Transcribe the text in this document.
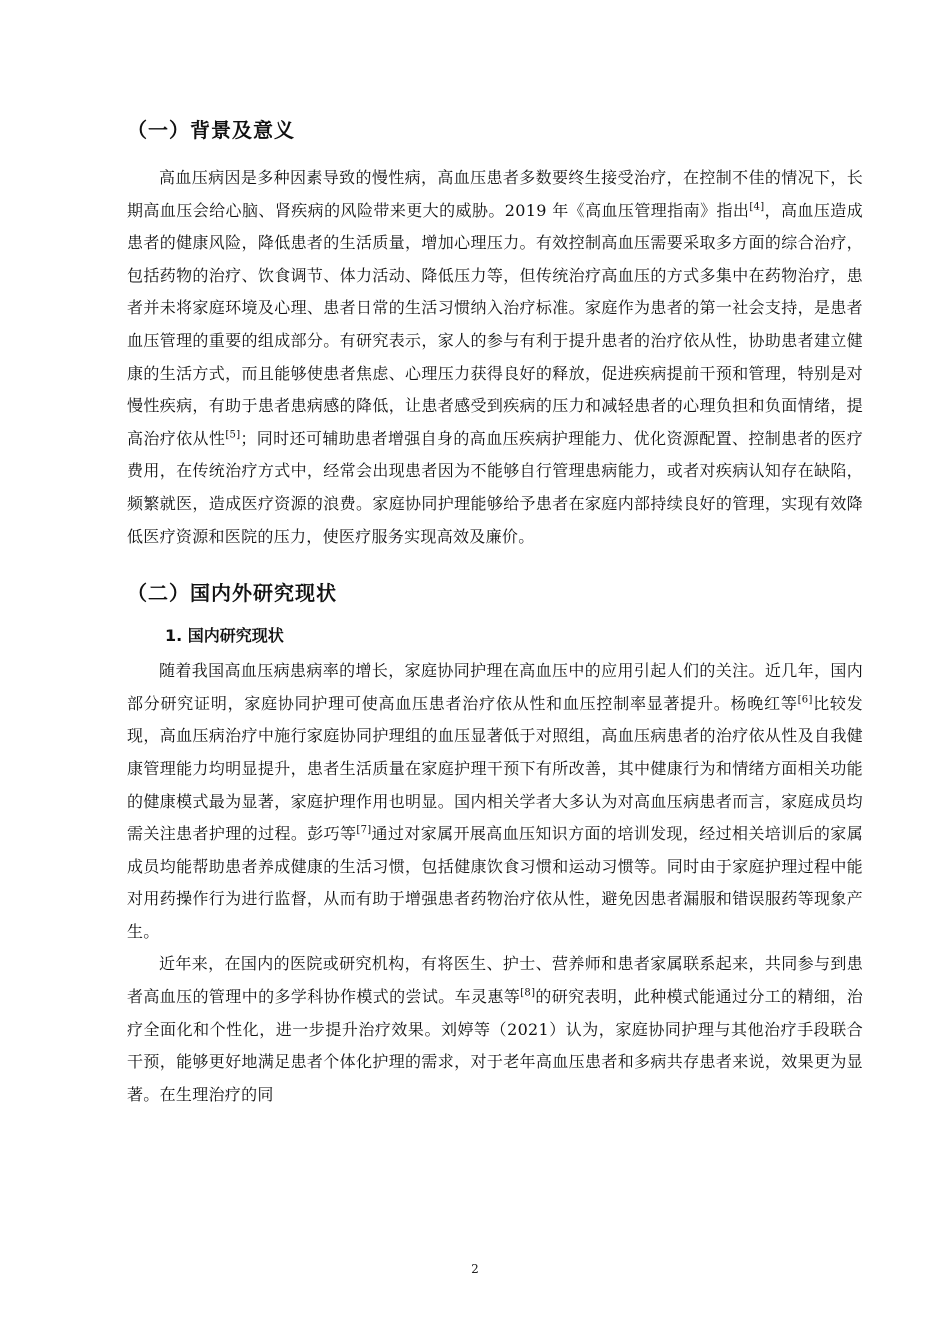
（一）背景及意义

高血压病因是多种因素导致的慢性病，高血压患者多数要终生接受治疗，在控制不佳的情况下，长期高血压会给心脑、肾疾病的风险带来更大的威胁。2019 年《高血压管理指南》指出[4]，高血压造成患者的健康风险，降低患者的生活质量，增加心理压力。有效控制高血压需要采取多方面的综合治疗，包括药物的治疗、饮食调节、体力活动、降低压力等，但传统治疗高血压的方式多集中在药物治疗，患者并未将家庭环境及心理、患者日常的生活习惯纳入治疗标准。家庭作为患者的第一社会支持，是患者血压管理的重要的组成部分。有研究表示，家人的参与有利于提升患者的治疗依从性，协助患者建立健康的生活方式，而且能够使患者焦虑、心理压力获得良好的释放，促进疾病提前干预和管理，特别是对慢性疾病，有助于患者患病感的降低，让患者感受到疾病的压力和减轻患者的心理负担和负面情绪，提高治疗依从性[5]；同时还可辅助患者增强自身的高血压疾病护理能力、优化资源配置、控制患者的医疗费用，在传统治疗方式中，经常会出现患者因为不能够自行管理患病能力，或者对疾病认知存在缺陷，频繁就医，造成医疗资源的浪费。家庭协同护理能够给予患者在家庭内部持续良好的管理，实现有效降低医疗资源和医院的压力，使医疗服务实现高效及廉价。

（二）国内外研究现状
1. 国内研究现状

随着我国高血压病患病率的增长，家庭协同护理在高血压中的应用引起人们的关注。近几年，国内部分研究证明，家庭协同护理可使高血压患者治疗依从性和血压控制率显著提升。杨晚红等[6]比较发现，高血压病治疗中施行家庭协同护理组的血压显著低于对照组，高血压病患者的治疗依从性及自我健康管理能力均明显提升，患者生活质量在家庭护理干预下有所改善，其中健康行为和情绪方面相关功能的健康模式最为显著，家庭护理作用也明显。国内相关学者大多认为对高血压病患者而言，家庭成员均需关注患者护理的过程。彭巧等[7]通过对家属开展高血压知识方面的培训发现，经过相关培训后的家属成员均能帮助患者养成健康的生活习惯，包括健康饮食习惯和运动习惯等。同时由于家庭护理过程中能对用药操作行为进行监督，从而有助于增强患者药物治疗依从性，避免因患者漏服和错误服药等现象产生。

近年来，在国内的医院或研究机构，有将医生、护士、营养师和患者家属联系起来，共同参与到患者高血压的管理中的多学科协作模式的尝试。车灵惠等[8]的研究表明，此种模式能通过分工的精细，治疗全面化和个性化，进一步提升治疗效果。刘婷等（2021）认为，家庭协同护理与其他治疗手段联合干预，能够更好地满足患者个体化护理的需求，对于老年高血压患者和多病共存患者来说，效果更为显著。在生理治疗的同

2
